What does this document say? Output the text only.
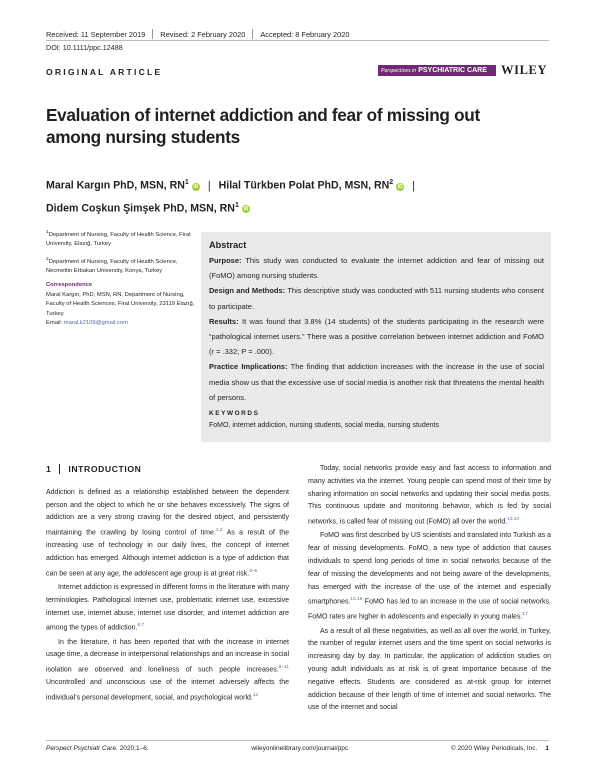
Received: 11 September 2019 Revised: 2 February 2020 Accepted: 8 February 2020
DOI: 10.1111/ppc.12488
ORIGINAL ARTICLE	Perspectives in PSYCHIATRIC CARE	WILEY
Evaluation of internet addiction and fear of missing out among nursing students
Maral Kargın PhD, MSN, $RN^1iD$ | Hilal Türkben Polat PhD, MSN, $RN^2iD$ |
Didem Coşkun Şimşek PhD, MSN, $RN^1iD$

$^1$Department of Nursing, Faculty of Health Science, Firat University, Elazığ, Turkey

$^2$Department of Nursing, Faculty of Health Science, Necmettin Erbakan University, Konya, Turkey

Correspondence

Maral Kargın, PhD, MSN, RN, Department of Nursing, Faculty of Health Sciences, Firat University, 23119 Elazığ, Turkey.
Email: maral.k2109@gmail.com

Abstract
Purpose: This study was conducted to evaluate the internet addiction and fear of missing out (FoMO) among nursing students.
Design and Methods: This descriptive study was conducted with 511 nursing students who consent to participate.
Results: It was found that 3.8% (14 students) of the students participating in the research were “pathological internet users.” There was a positive correlation between internet addiction and FoMO (r = .332; P = .000).
Practice Implications: The finding that addiction increases with the increase in the use of social media show us that the excessive use of social media is another risk that threatens the mental health of persons.
KEYWORDS
FoMO, internet addiction, nursing students, social media, nursing students
1 INTRODUCTION

Addiction is defined as a relationship established between the dependent person and the object to which he or she behaves excessively. The signs of addiction are a very strong craving for the desired object, and persistently maintaining the crawling by losing control of time.$^{1,2}$ As a result of the increasing use of technology in our daily lives, the concept of internet addiction has emerged. Although internet addiction is a type of addiction that can be seen at any age, the adolescent age group is at great risk.$^{3-5}$

Internet addiction is expressed in different forms in the literature with many terminologies. Pathological internet use, problematic internet use, excessive internet use, internet abuse, internet use disorder, and internet addiction are among the types of addiction.$^{6,7}$

In the literature, it has been reported that with the increase in internet usage time, a decrease in interpersonal relationships and an increase in social isolation are observed and loneliness of such people increases.$^{8-11}$ Uncontrolled and unconscious use of the internet adversely affects the individual’s personal development, social, and psychological world.$^{12}$

Today, social networks provide easy and fast access to information and many activities via the internet. Young people can spend most of their time by sharing information on social networks and updating their social media posts. This continuous update and monitoring behavior, which is fed by social networks, is called fear of missing out (FoMO) all over the world.$^{13,14}$

FoMO was first described by US scientists and translated into Turkish as a fear of missing developments. FoMO, a new type of addiction that causes individuals to spend long periods of time in social networks because of the fear of missing the developments and not being aware of the developments, has emerged with the increase of the use of the internet and especially smartphones.$^{15,16}$ FoMO has led to an increase in the use of social networks. FoMO rates are higher in adolescents and especially in young males.$^{17}$

As a result of all these negativities, as well as all over the world, in Turkey, the number of regular internet users and the time spent on social networks is increasing day by day. In particular, the application of addiction studies on young adult individuals as at risk is of great importance because of the negative effects. Students are considered as at-risk group for internet addiction because of their length of time of internet and social networks. The use of the internet and social

Perspect Psychiatr Care. 2020;1–6.	wileyonlinelibrary.com/journal/ppc	© 2020 Wiley Periodicals, Inc. 1
